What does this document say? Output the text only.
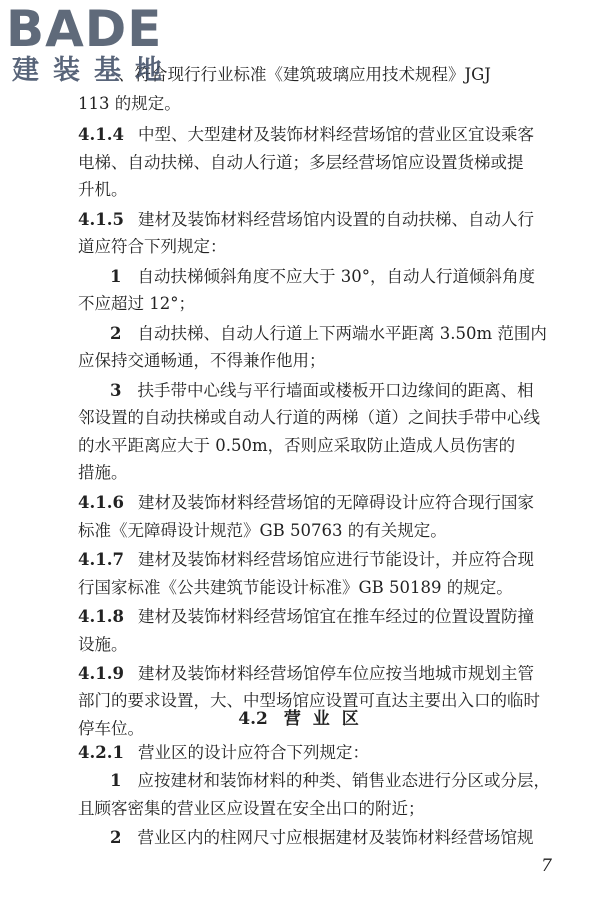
BADE
建装基地
、符合现行行业标准《建筑玻璃应用技术规程》JGJ
113 的规定。
4.1.4 中型、大型建材及装饰材料经营场馆的营业区宜设乘客
电梯、自动扶梯、自动人行道；多层经营场馆应设置货梯或提
升机。
4.1.5 建材及装饰材料经营场馆内设置的自动扶梯、自动人行
道应符合下列规定：
1 自动扶梯倾斜角度不应大于 30°，自动人行道倾斜角度
不应超过 12°；
2 自动扶梯、自动人行道上下两端水平距离 3.50m 范围内
应保持交通畅通，不得兼作他用；
3 扶手带中心线与平行墙面或楼板开口边缘间的距离、相
邻设置的自动扶梯或自动人行道的两梯（道）之间扶手带中心线
的水平距离应大于 0.50m，否则应采取防止造成人员伤害的
措施。
4.1.6 建材及装饰材料经营场馆的无障碍设计应符合现行国家
标准《无障碍设计规范》GB 50763 的有关规定。
4.1.7 建材及装饰材料经营场馆应进行节能设计，并应符合现
行国家标准《公共建筑节能设计标准》GB 50189 的规定。
4.1.8 建材及装饰材料经营场馆宜在推车经过的位置设置防撞
设施。
4.1.9 建材及装饰材料经营场馆停车位应按当地城市规划主管
部门的要求设置，大、中型场馆应设置可直达主要出入口的临时
停车位。	4.2 营 业 区
4.2.1 营业区的设计应符合下列规定：
1 应按建材和装饰材料的种类、销售业态进行分区或分层，
且顾客密集的营业区应设置在安全出口的附近；
2 营业区内的柱网尺寸应根据建材及装饰材料经营场馆规
7
